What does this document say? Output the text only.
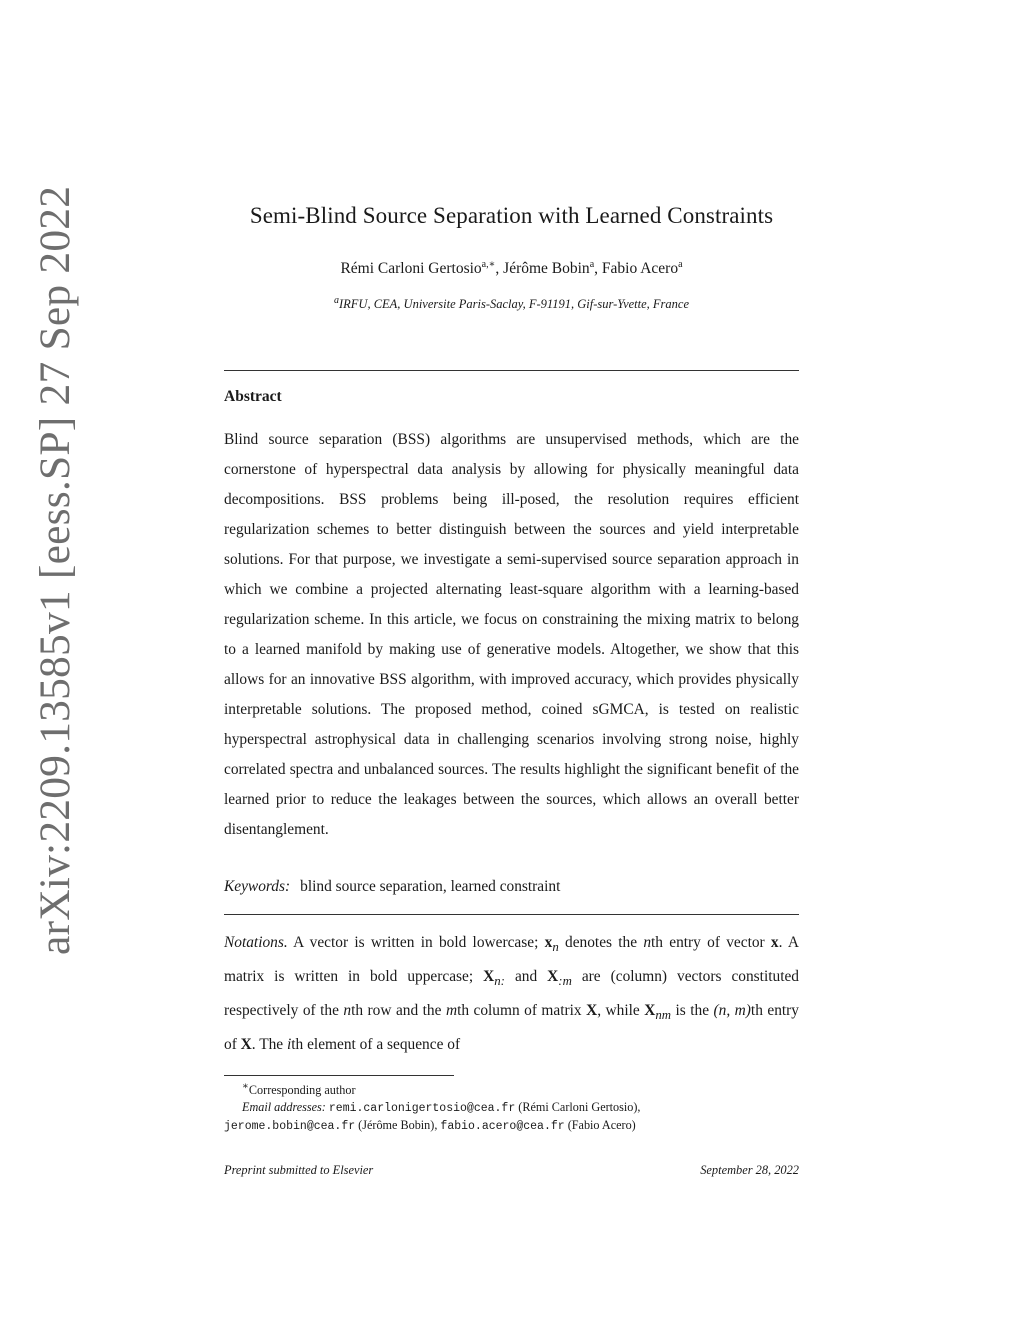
arXiv:2209.13585v1 [eess.SP] 27 Sep 2022	Semi-Blind Source Separation with Learned Constraints
Rémi Carloni Gertosio$^{a,∗}$, Jérôme Bobin$^a$, Fabio Acero$^a$
$^a$IRFU, CEA, Universite Paris-Saclay, F-91191, Gif-sur-Yvette, France
Abstract
Blind source separation (BSS) algorithms are unsupervised methods, which are the cornerstone of hyperspectral data analysis by allowing for physically meaningful data decompositions. BSS problems being ill-posed, the resolution requires efficient regularization schemes to better distinguish between the sources and yield interpretable solutions. For that purpose, we investigate a semi-supervised source separation approach in which we combine a projected alternating least-square algorithm with a learning-based regularization scheme. In this article, we focus on constraining the mixing matrix to belong to a learned manifold by making use of generative models. Altogether, we show that this allows for an innovative BSS algorithm, with improved accuracy, which provides physically interpretable solutions. The proposed method, coined sGMCA, is tested on realistic hyperspectral astrophysical data in challenging scenarios involving strong noise, highly correlated spectra and unbalanced sources. The results highlight the significant benefit of the learned prior to reduce the leakages between the sources, which allows an overall better disentanglement.
Keywords: blind source separation, learned constraint
Notations. A vector is written in bold lowercase; $x_n$ denotes the nth entry of vector x. A matrix is written in bold uppercase; $X_{n:}$ and $X_{:m}$ are (column) vectors constituted respectively of the nth row and the mth column of matrix X, while $X_{nm}$ is the (n, m)th entry of X. The ith element of a sequence of
∗Corresponding author
Email addresses: remi.carlonigertosio@cea.fr (Rémi Carloni Gertosio),
jerome.bobin@cea.fr (Jérôme Bobin), fabio.acero@cea.fr (Fabio Acero)
Preprint submitted to Elsevier	September 28, 2022
